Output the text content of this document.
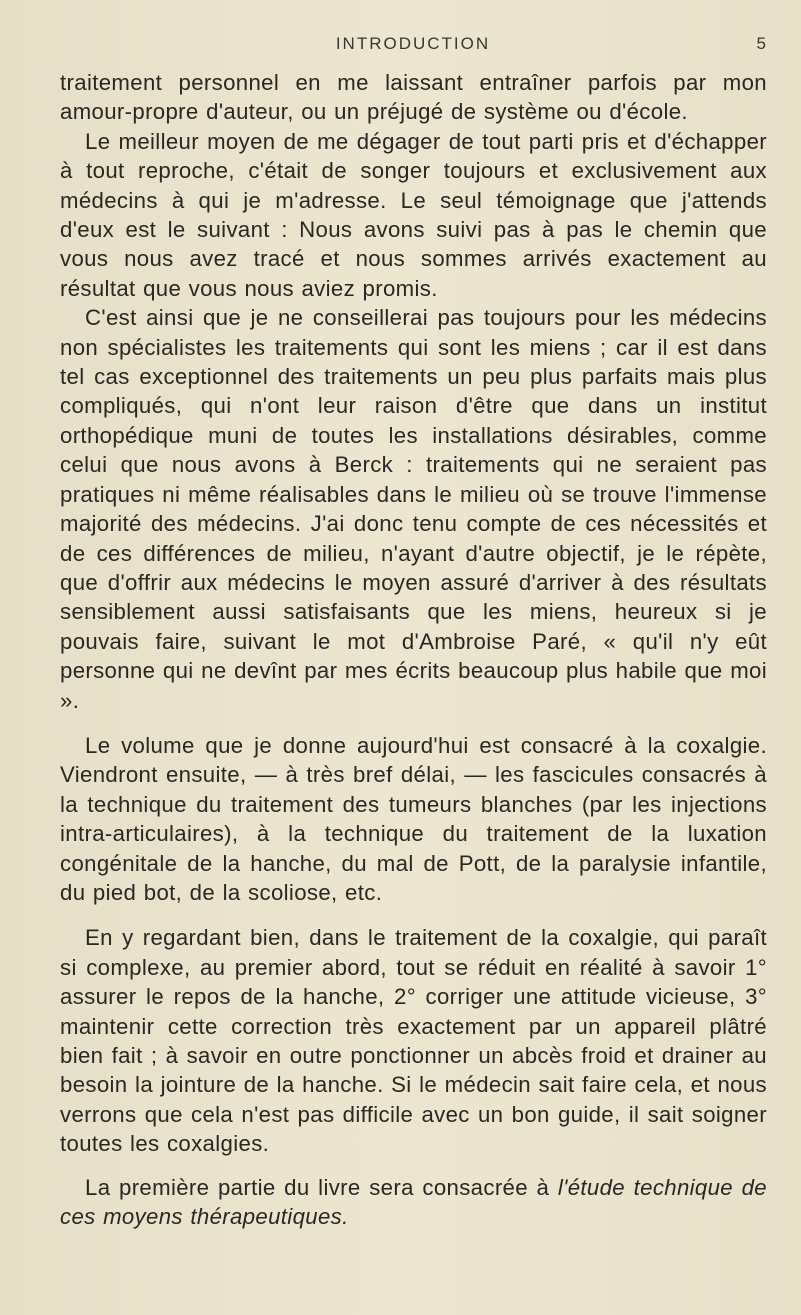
INTRODUCTION	5

traitement personnel en me laissant entraîner parfois par mon amour-propre d'auteur, ou un préjugé de système ou d'école.

Le meilleur moyen de me dégager de tout parti pris et d'échapper à tout reproche, c'était de songer toujours et exclusivement aux médecins à qui je m'adresse. Le seul témoignage que j'attends d'eux est le suivant : Nous avons suivi pas à pas le chemin que vous nous avez tracé et nous sommes arrivés exactement au résultat que vous nous aviez promis.

C'est ainsi que je ne conseillerai pas toujours pour les médecins non spécialistes les traitements qui sont les miens ; car il est dans tel cas exceptionnel des traitements un peu plus parfaits mais plus compliqués, qui n'ont leur raison d'être que dans un institut orthopédique muni de toutes les installations désirables, comme celui que nous avons à Berck : traitements qui ne seraient pas pratiques ni même réalisables dans le milieu où se trouve l'immense majorité des médecins. J'ai donc tenu compte de ces nécessités et de ces différences de milieu, n'ayant d'autre objectif, je le répète, que d'offrir aux médecins le moyen assuré d'arriver à des résultats sensiblement aussi satisfaisants que les miens, heureux si je pouvais faire, suivant le mot d'Ambroise Paré, « qu'il n'y eût personne qui ne devînt par mes écrits beaucoup plus habile que moi ».

Le volume que je donne aujourd'hui est consacré à la coxalgie. Viendront ensuite, — à très bref délai, — les fascicules consacrés à la technique du traitement des tumeurs blanches (par les injections intra-articulaires), à la technique du traitement de la luxation congénitale de la hanche, du mal de Pott, de la paralysie infantile, du pied bot, de la scoliose, etc.

En y regardant bien, dans le traitement de la coxalgie, qui paraît si complexe, au premier abord, tout se réduit en réalité à savoir 1° assurer le repos de la hanche, 2° corriger une attitude vicieuse, 3° maintenir cette correction très exactement par un appareil plâtré bien fait ; à savoir en outre ponctionner un abcès froid et drainer au besoin la jointure de la hanche. Si le médecin sait faire cela, et nous verrons que cela n'est pas difficile avec un bon guide, il sait soigner toutes les coxalgies.

La première partie du livre sera consacrée à l'étude technique de ces moyens thérapeutiques.
